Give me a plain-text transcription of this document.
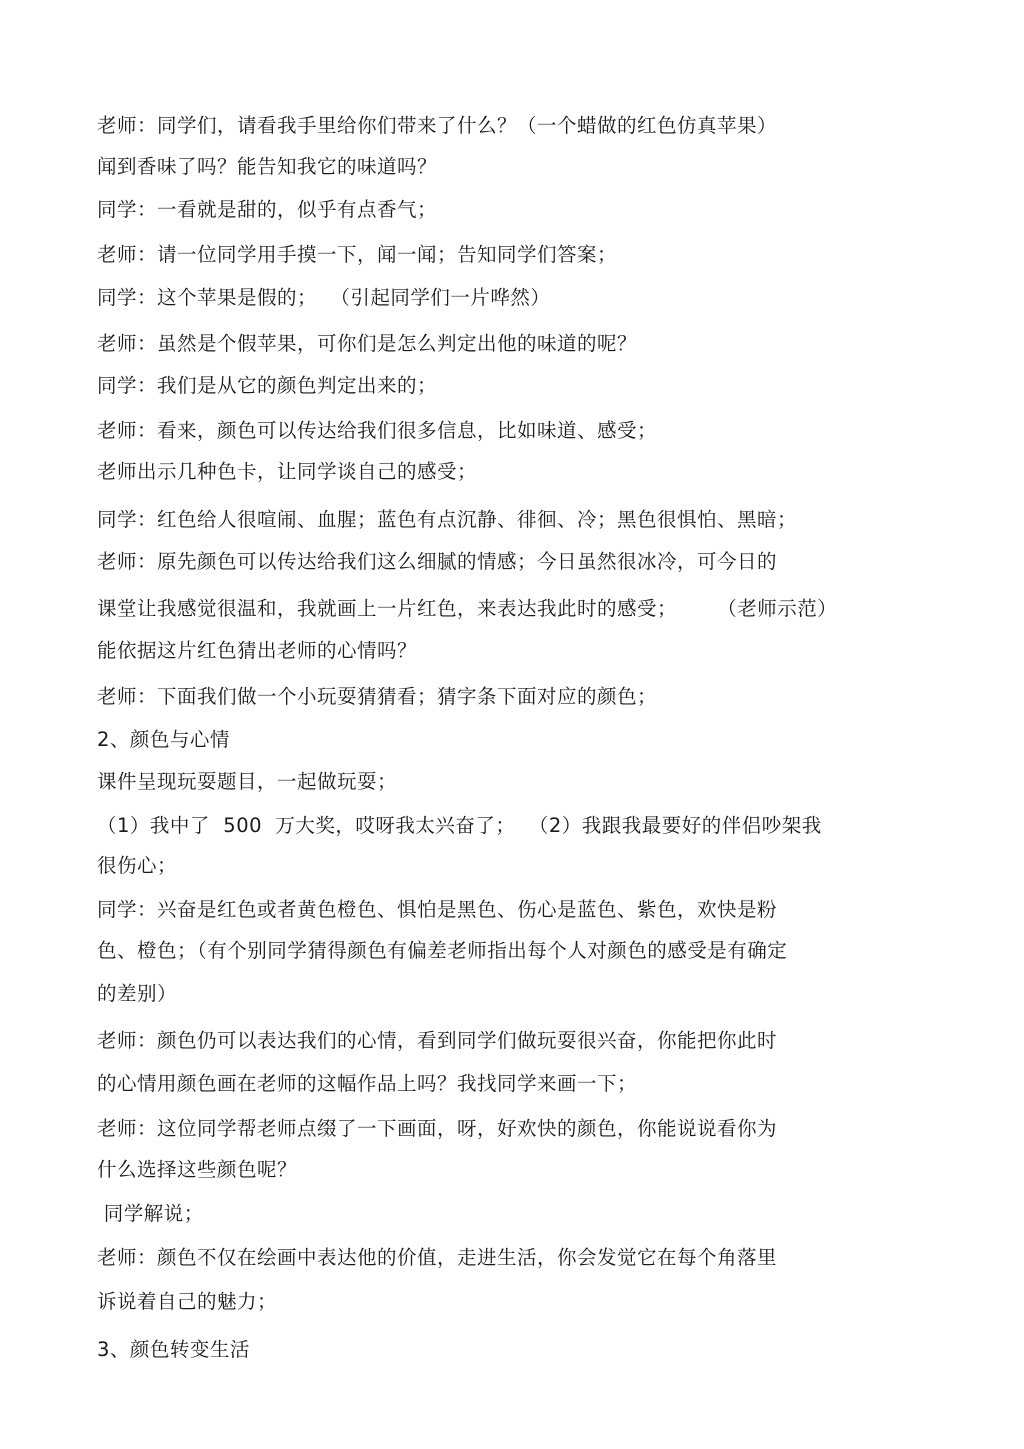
老师：同学们，请看我手里给你们带来了什么？（一个蜡做的红色仿真苹果）
闻到香味了吗？能告知我它的味道吗？
同学：一看就是甜的，似乎有点香气；
老师：请一位同学用手摸一下，闻一闻；告知同学们答案；
同学：这个苹果是假的；  （引起同学们一片哗然）
老师：虽然是个假苹果，可你们是怎么判定出他的味道的呢？
同学：我们是从它的颜色判定出来的；
老师：看来，颜色可以传达给我们很多信息，比如味道、感受；
老师出示几种色卡，让同学谈自己的感受；
同学：红色给人很喧闹、血腥；蓝色有点沉静、徘徊、冷；黑色很惧怕、黑暗；
老师：原先颜色可以传达给我们这么细腻的情感；今日虽然很冰冷，可今日的
课堂让我感觉很温和，我就画上一片红色，来表达我此时的感受；      （老师示范）
能依据这片红色猜出老师的心情吗？
老师：下面我们做一个小玩耍猜猜看；猜字条下面对应的颜色；
2、颜色与心情
课件呈现玩耍题目，一起做玩耍；
（1）我中了  500  万大奖，哎呀我太兴奋了；  （2）我跟我最要好的伴侣吵架我
很伤心；
同学：兴奋是红色或者黄色橙色、惧怕是黑色、伤心是蓝色、紫色，欢快是粉
色、橙色；（有个别同学猜得颜色有偏差老师指出每个人对颜色的感受是有确定
的差别）
老师：颜色仍可以表达我们的心情，看到同学们做玩耍很兴奋，你能把你此时
的心情用颜色画在老师的这幅作品上吗？我找同学来画一下；
老师：这位同学帮老师点缀了一下画面，呀，好欢快的颜色，你能说说看你为
什么选择这些颜色呢？
同学解说；
老师：颜色不仅在绘画中表达他的价值，走进生活，你会发觉它在每个角落里
诉说着自己的魅力；
3、颜色转变生活
